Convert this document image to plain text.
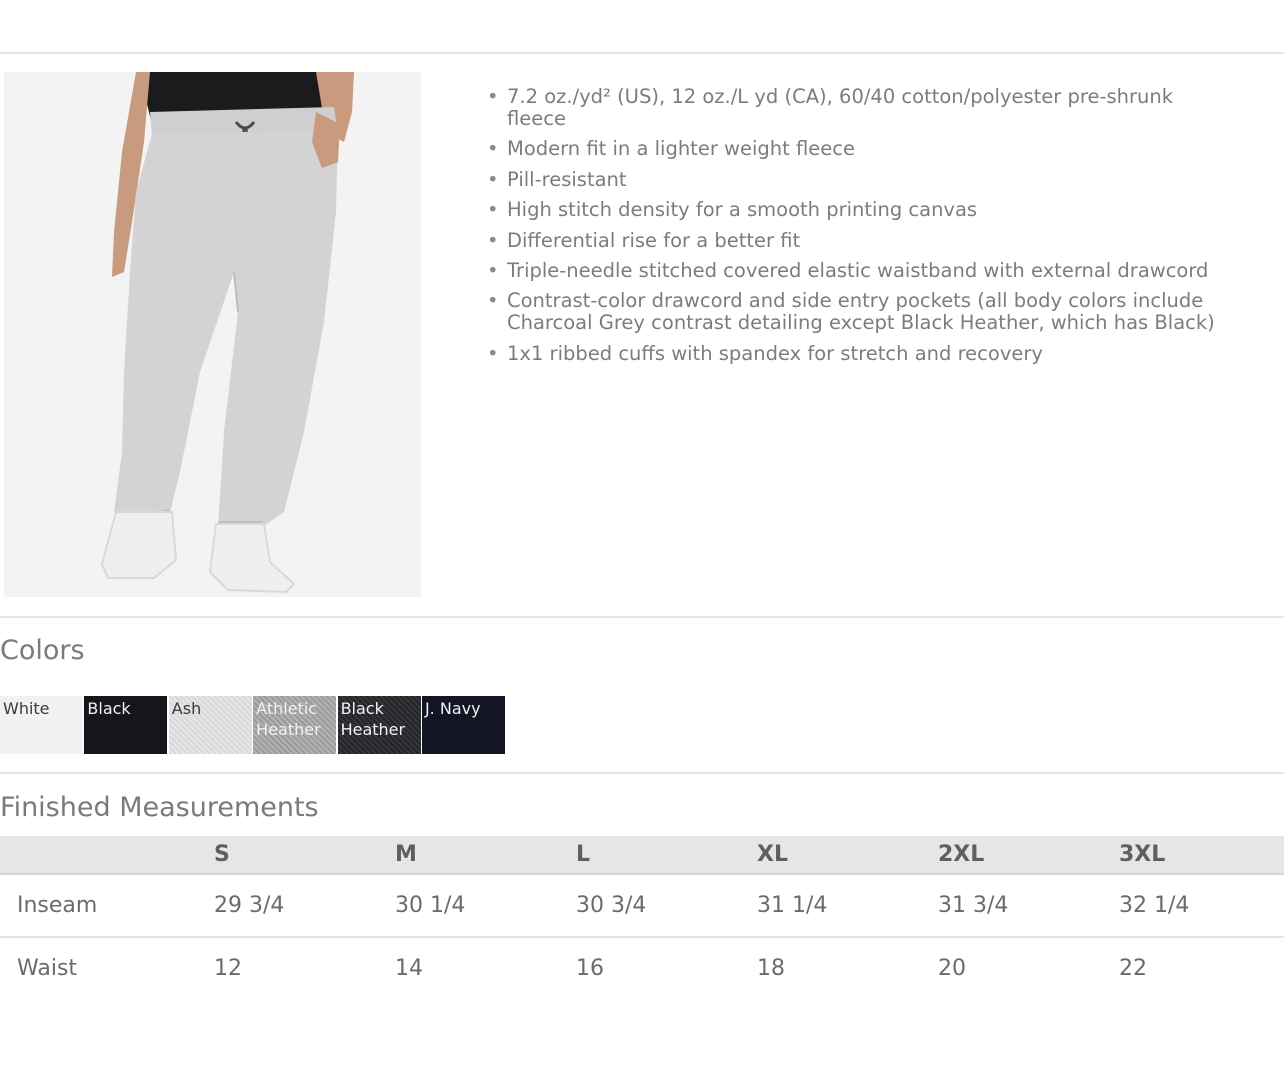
• 7.2 oz./yd² (US), 12 oz./L yd (CA), 60/40 cotton/polyester pre-shrunk fleece
• Modern fit in a lighter weight fleece
• Pill-resistant
• High stitch density for a smooth printing canvas
• Differential rise for a better fit
• Triple-needle stitched covered elastic waistband with external drawcord
• Contrast-color drawcord and side entry pockets (all body colors include Charcoal Grey contrast detailing except Black Heather, which has Black)
• 1x1 ribbed cuffs with spandex for stretch and recovery
Colors
White	Black	Ash	Athletic Heather
Black Heather
J. Navy
Finished Measurements
	S	M	L	XL	2XL	3XL
Inseam	29 3/4	30 1/4	30 3/4	31 1/4	31 3/4	32 1/4
Waist	12	14	16	18	20	22
